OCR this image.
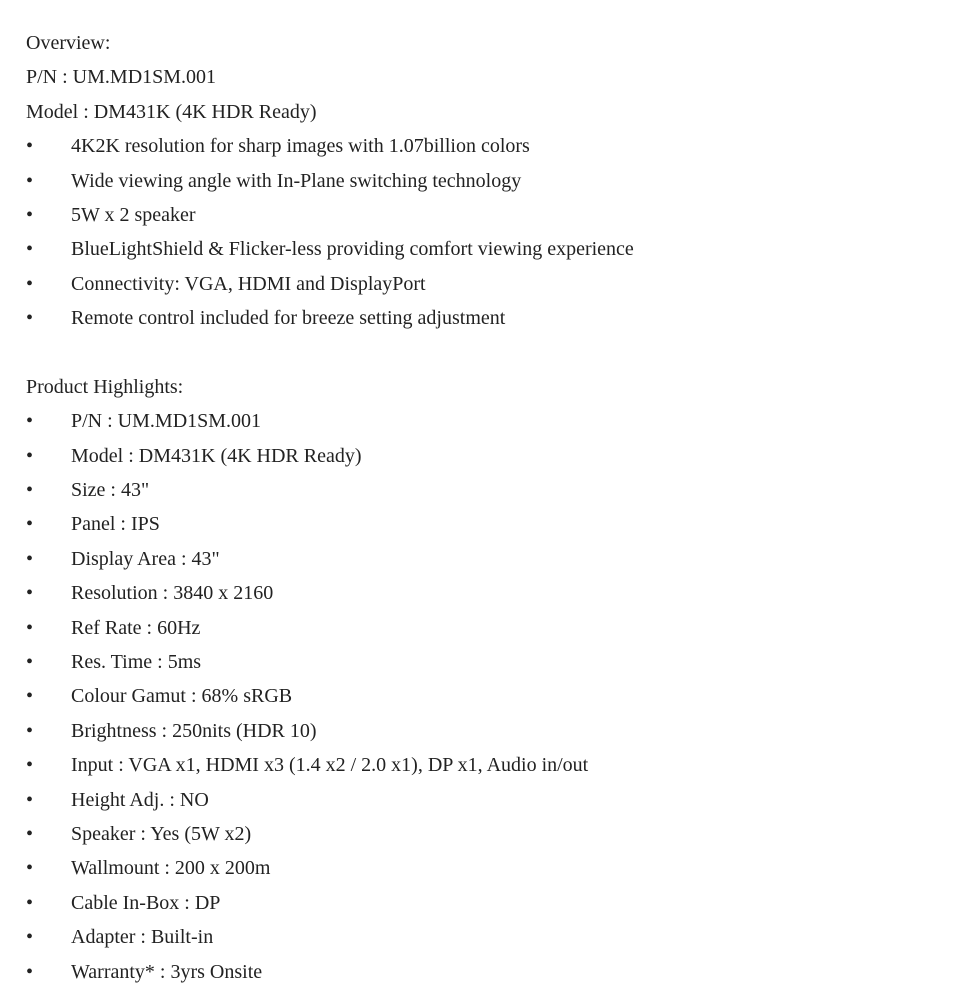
Overview:
P/N : UM.MD1SM.001
Model : DM431K (4K HDR Ready)
•	4K2K resolution for sharp images with 1.07billion colors
•	Wide viewing angle with In-Plane switching technology
•	5W x 2 speaker
•	BlueLightShield & Flicker-less providing comfort viewing experience
•	Connectivity: VGA, HDMI and DisplayPort
•	Remote control included for breeze setting adjustment
Product Highlights:
•	P/N : UM.MD1SM.001
•	Model : DM431K (4K HDR Ready)
•	Size : 43"
•	Panel : IPS
•	Display Area : 43"
•	Resolution : 3840 x 2160
•	Ref Rate : 60Hz
•	Res. Time : 5ms
•	Colour Gamut : 68% sRGB
•	Brightness : 250nits (HDR 10)
•	Input : VGA x1, HDMI x3 (1.4 x2 / 2.0 x1), DP x1, Audio in/out
•	Height Adj. : NO
•	Speaker : Yes (5W x2)
•	Wallmount : 200 x 200m
•	Cable In-Box : DP
•	Adapter : Built-in
•	Warranty* : 3yrs Onsite
